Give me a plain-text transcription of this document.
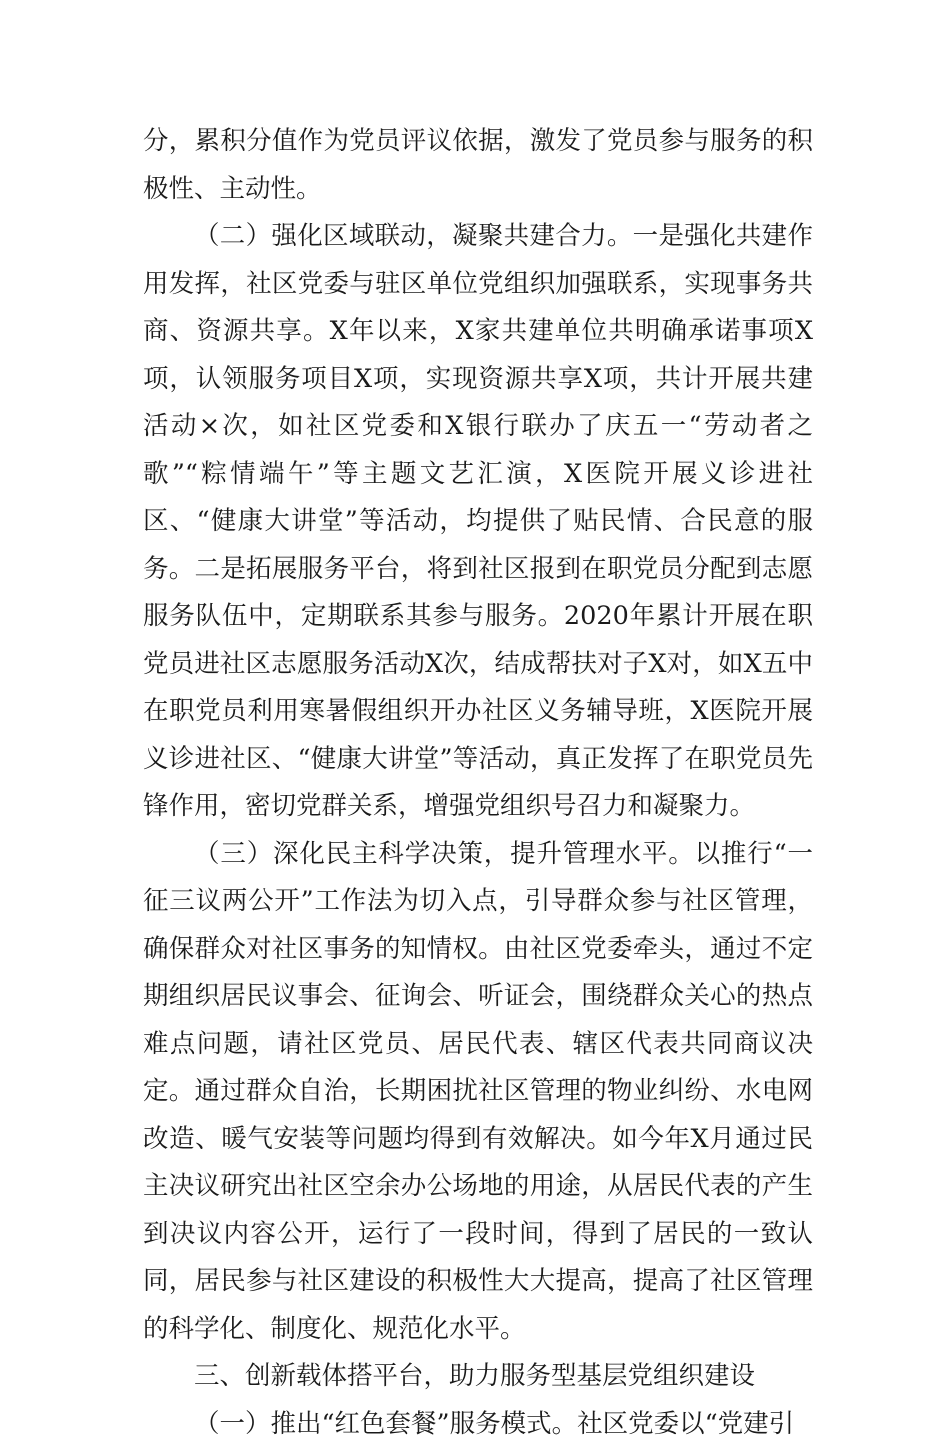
分，累积分值作为党员评议依据，激发了党员参与服务的积极性、主动性。

（二）强化区域联动，凝聚共建合力。一是强化共建作用发挥，社区党委与驻区单位党组织加强联系，实现事务共商、资源共享。X年以来，X家共建单位共明确承诺事项X项，认领服务项目X项，实现资源共享X项，共计开展共建活动×次，如社区党委和X银行联办了庆五一“劳动者之歌”“粽情端午”等主题文艺汇演，X医院开展义诊进社区、“健康大讲堂”等活动，均提供了贴民情、合民意的服务。二是拓展服务平台，将到社区报到在职党员分配到志愿服务队伍中，定期联系其参与服务。2020年累计开展在职党员进社区志愿服务活动X次，结成帮扶对子X对，如X五中在职党员利用寒暑假组织开办社区义务辅导班，X医院开展义诊进社区、“健康大讲堂”等活动，真正发挥了在职党员先锋作用，密切党群关系，增强党组织号召力和凝聚力。

（三）深化民主科学决策，提升管理水平。以推行“一征三议两公开”工作法为切入点，引导群众参与社区管理，确保群众对社区事务的知情权。由社区党委牵头，通过不定期组织居民议事会、征询会、听证会，围绕群众关心的热点难点问题，请社区党员、居民代表、辖区代表共同商议决定。通过群众自治，长期困扰社区管理的物业纠纷、水电网改造、暖气安装等问题均得到有效解决。如今年X月通过民主决议研究出社区空余办公场地的用途，从居民代表的产生到决议内容公开，运行了一段时间，得到了居民的一致认同，居民参与社区建设的积极性大大提高，提高了社区管理的科学化、制度化、规范化水平。

三、创新载体搭平台，助力服务型基层党组织建设

（一）推出“红色套餐”服务模式。社区党委以“党建引
